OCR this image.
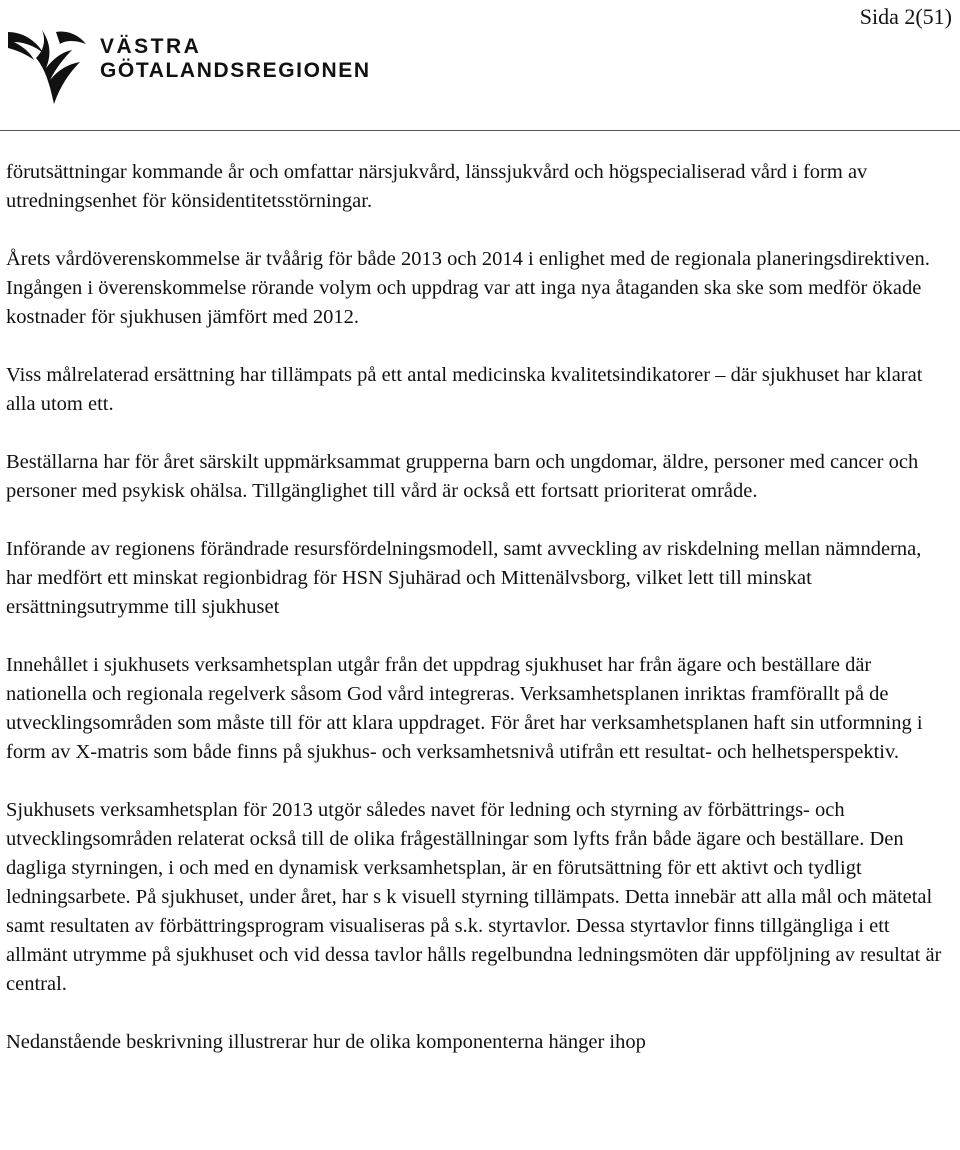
VÄSTRA
GÖTALANDSREGIONEN
Sida 2(51)

förutsättningar kommande år och omfattar närsjukvård, länssjukvård och högspecialiserad vård i form av utredningsenhet för könsidentitetsstörningar.

Årets vårdöverenskommelse är tvåårig för både 2013 och 2014 i enlighet med de regionala planeringsdirektiven. Ingången i överenskommelse rörande volym och uppdrag var att inga nya åtaganden ska ske som medför ökade kostnader för sjukhusen jämfört med 2012.

Viss målrelaterad ersättning har tillämpats på ett antal medicinska kvalitetsindikatorer – där sjukhuset har klarat alla utom ett.

Beställarna har för året särskilt uppmärksammat grupperna barn och ungdomar, äldre, personer med cancer och personer med psykisk ohälsa. Tillgänglighet till vård är också ett fortsatt prioriterat område.

Införande av regionens förändrade resursfördelningsmodell, samt avveckling av riskdelning mellan nämnderna, har medfört ett minskat regionbidrag för HSN Sjuhärad och Mittenälvsborg, vilket lett till minskat ersättningsutrymme till sjukhuset

Innehållet i sjukhusets verksamhetsplan utgår från det uppdrag sjukhuset har från ägare och beställare där nationella och regionala regelverk såsom God vård integreras. Verksamhetsplanen inriktas framförallt på de utvecklingsområden som måste till för att klara uppdraget. För året har verksamhetsplanen haft sin utformning i form av X-matris som både finns på sjukhus- och verksamhetsnivå utifrån ett resultat- och helhetsperspektiv.

Sjukhusets verksamhetsplan för 2013 utgör således navet för ledning och styrning av förbättrings- och utvecklingsområden relaterat också till de olika frågeställningar som lyfts från både ägare och beställare. Den dagliga styrningen, i och med en dynamisk verksamhetsplan, är en förutsättning för ett aktivt och tydligt ledningsarbete. På sjukhuset, under året, har s k visuell styrning tillämpats. Detta innebär att alla mål och mätetal samt resultaten av förbättringsprogram visualiseras på s.k. styrtavlor. Dessa styrtavlor finns tillgängliga i ett allmänt utrymme på sjukhuset och vid dessa tavlor hålls regelbundna ledningsmöten där uppföljning av resultat är central.

Nedanstående beskrivning illustrerar hur de olika komponenterna hänger ihop
